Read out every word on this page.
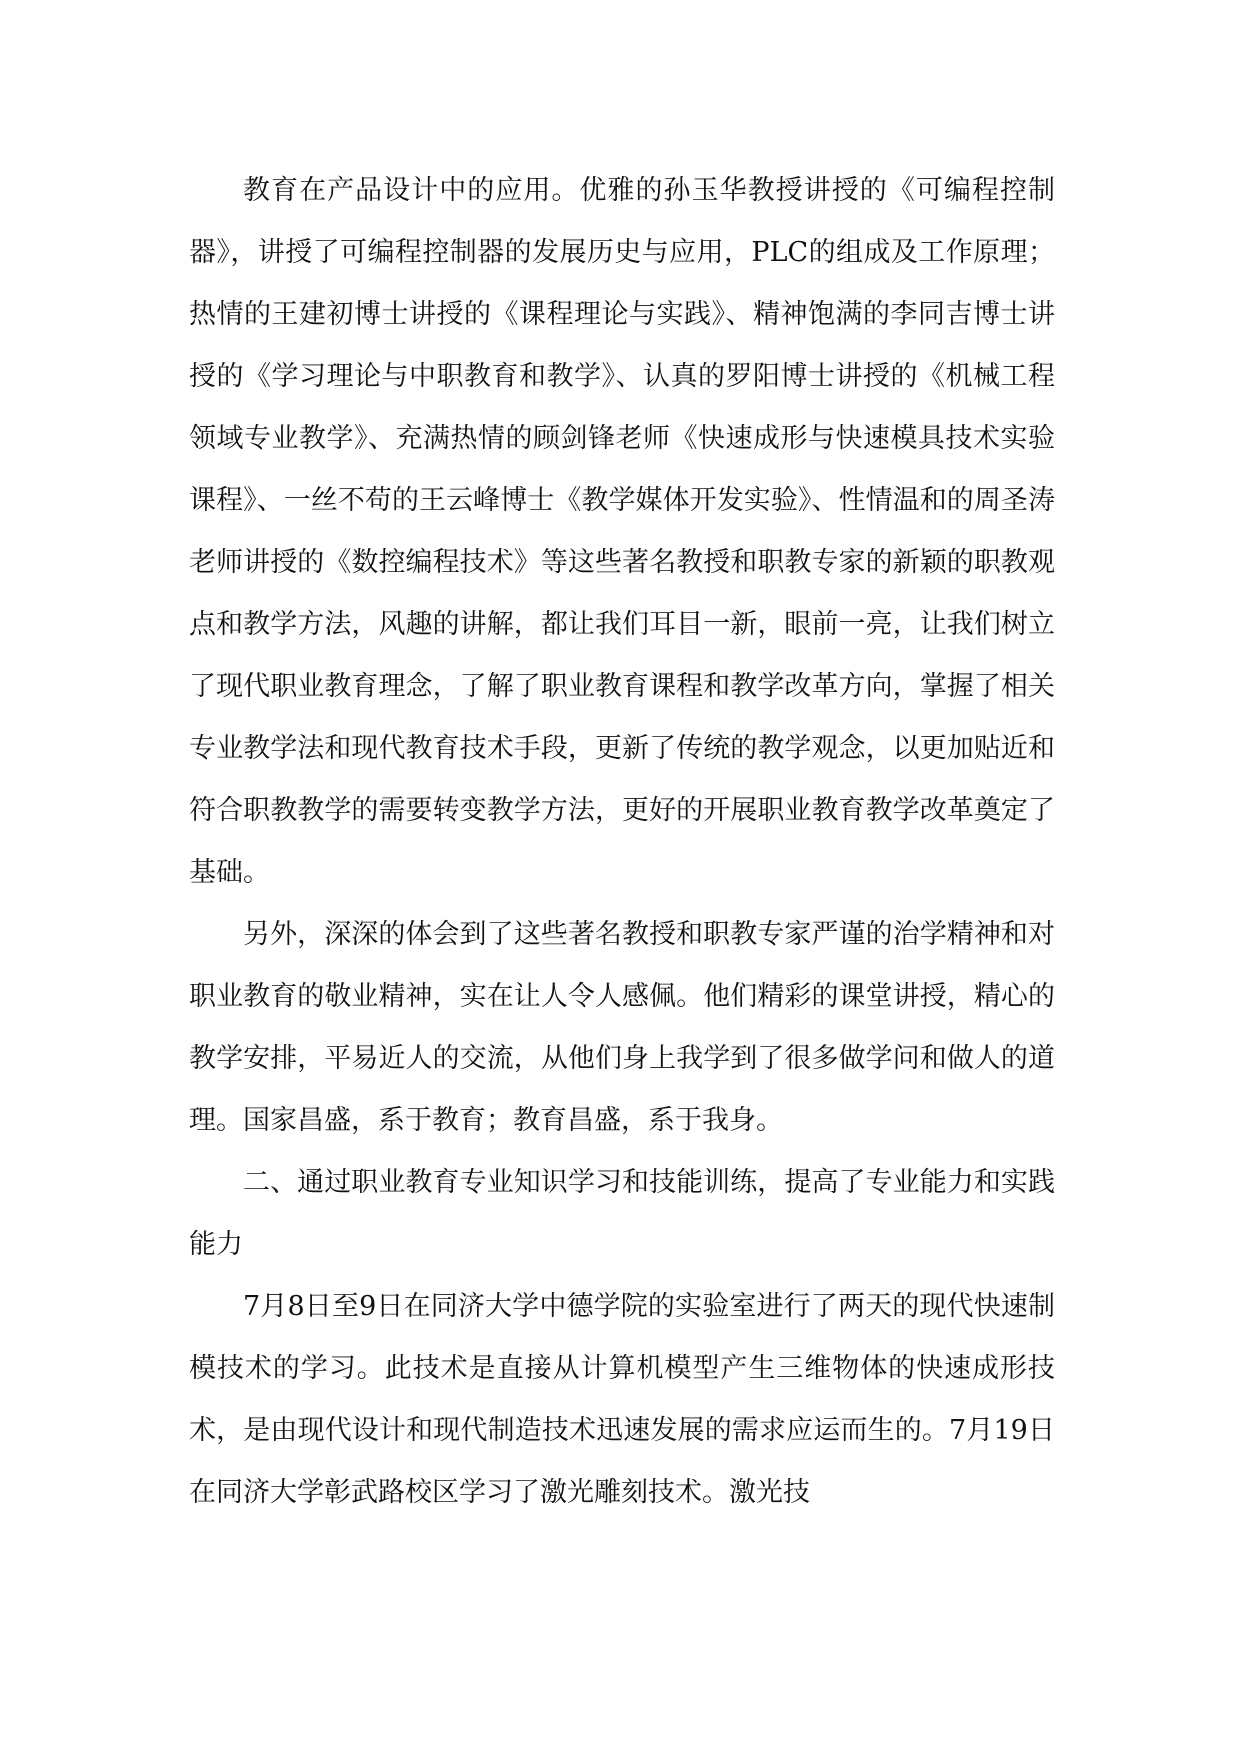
教育在产品设计中的应用。优雅的孙玉华教授讲授的《可编程控制器》，讲授了可编程控制器的发展历史与应用，PLC的组成及工作原理；热情的王建初博士讲授的《课程理论与实践》、精神饱满的李同吉博士讲授的《学习理论与中职教育和教学》、认真的罗阳博士讲授的《机械工程领域专业教学》、充满热情的顾剑锋老师《快速成形与快速模具技术实验课程》、一丝不苟的王云峰博士《教学媒体开发实验》、性情温和的周圣涛老师讲授的《数控编程技术》等这些著名教授和职教专家的新颖的职教观点和教学方法，风趣的讲解，都让我们耳目一新，眼前一亮，让我们树立了现代职业教育理念，了解了职业教育课程和教学改革方向，掌握了相关专业教学法和现代教育技术手段，更新了传统的教学观念，以更加贴近和符合职教教学的需要转变教学方法，更好的开展职业教育教学改革奠定了基础。

另外，深深的体会到了这些著名教授和职教专家严谨的治学精神和对职业教育的敬业精神，实在让人令人感佩。他们精彩的课堂讲授，精心的教学安排，平易近人的交流，从他们身上我学到了很多做学问和做人的道理。国家昌盛，系于教育；教育昌盛，系于我身。

二、通过职业教育专业知识学习和技能训练，提高了专业能力和实践能力

7月8日至9日在同济大学中德学院的实验室进行了两天的现代快速制模技术的学习。此技术是直接从计算机模型产生三维物体的快速成形技术，是由现代设计和现代制造技术迅速发展的需求应运而生的。7月19日在同济大学彰武路校区学习了激光雕刻技术。激光技
